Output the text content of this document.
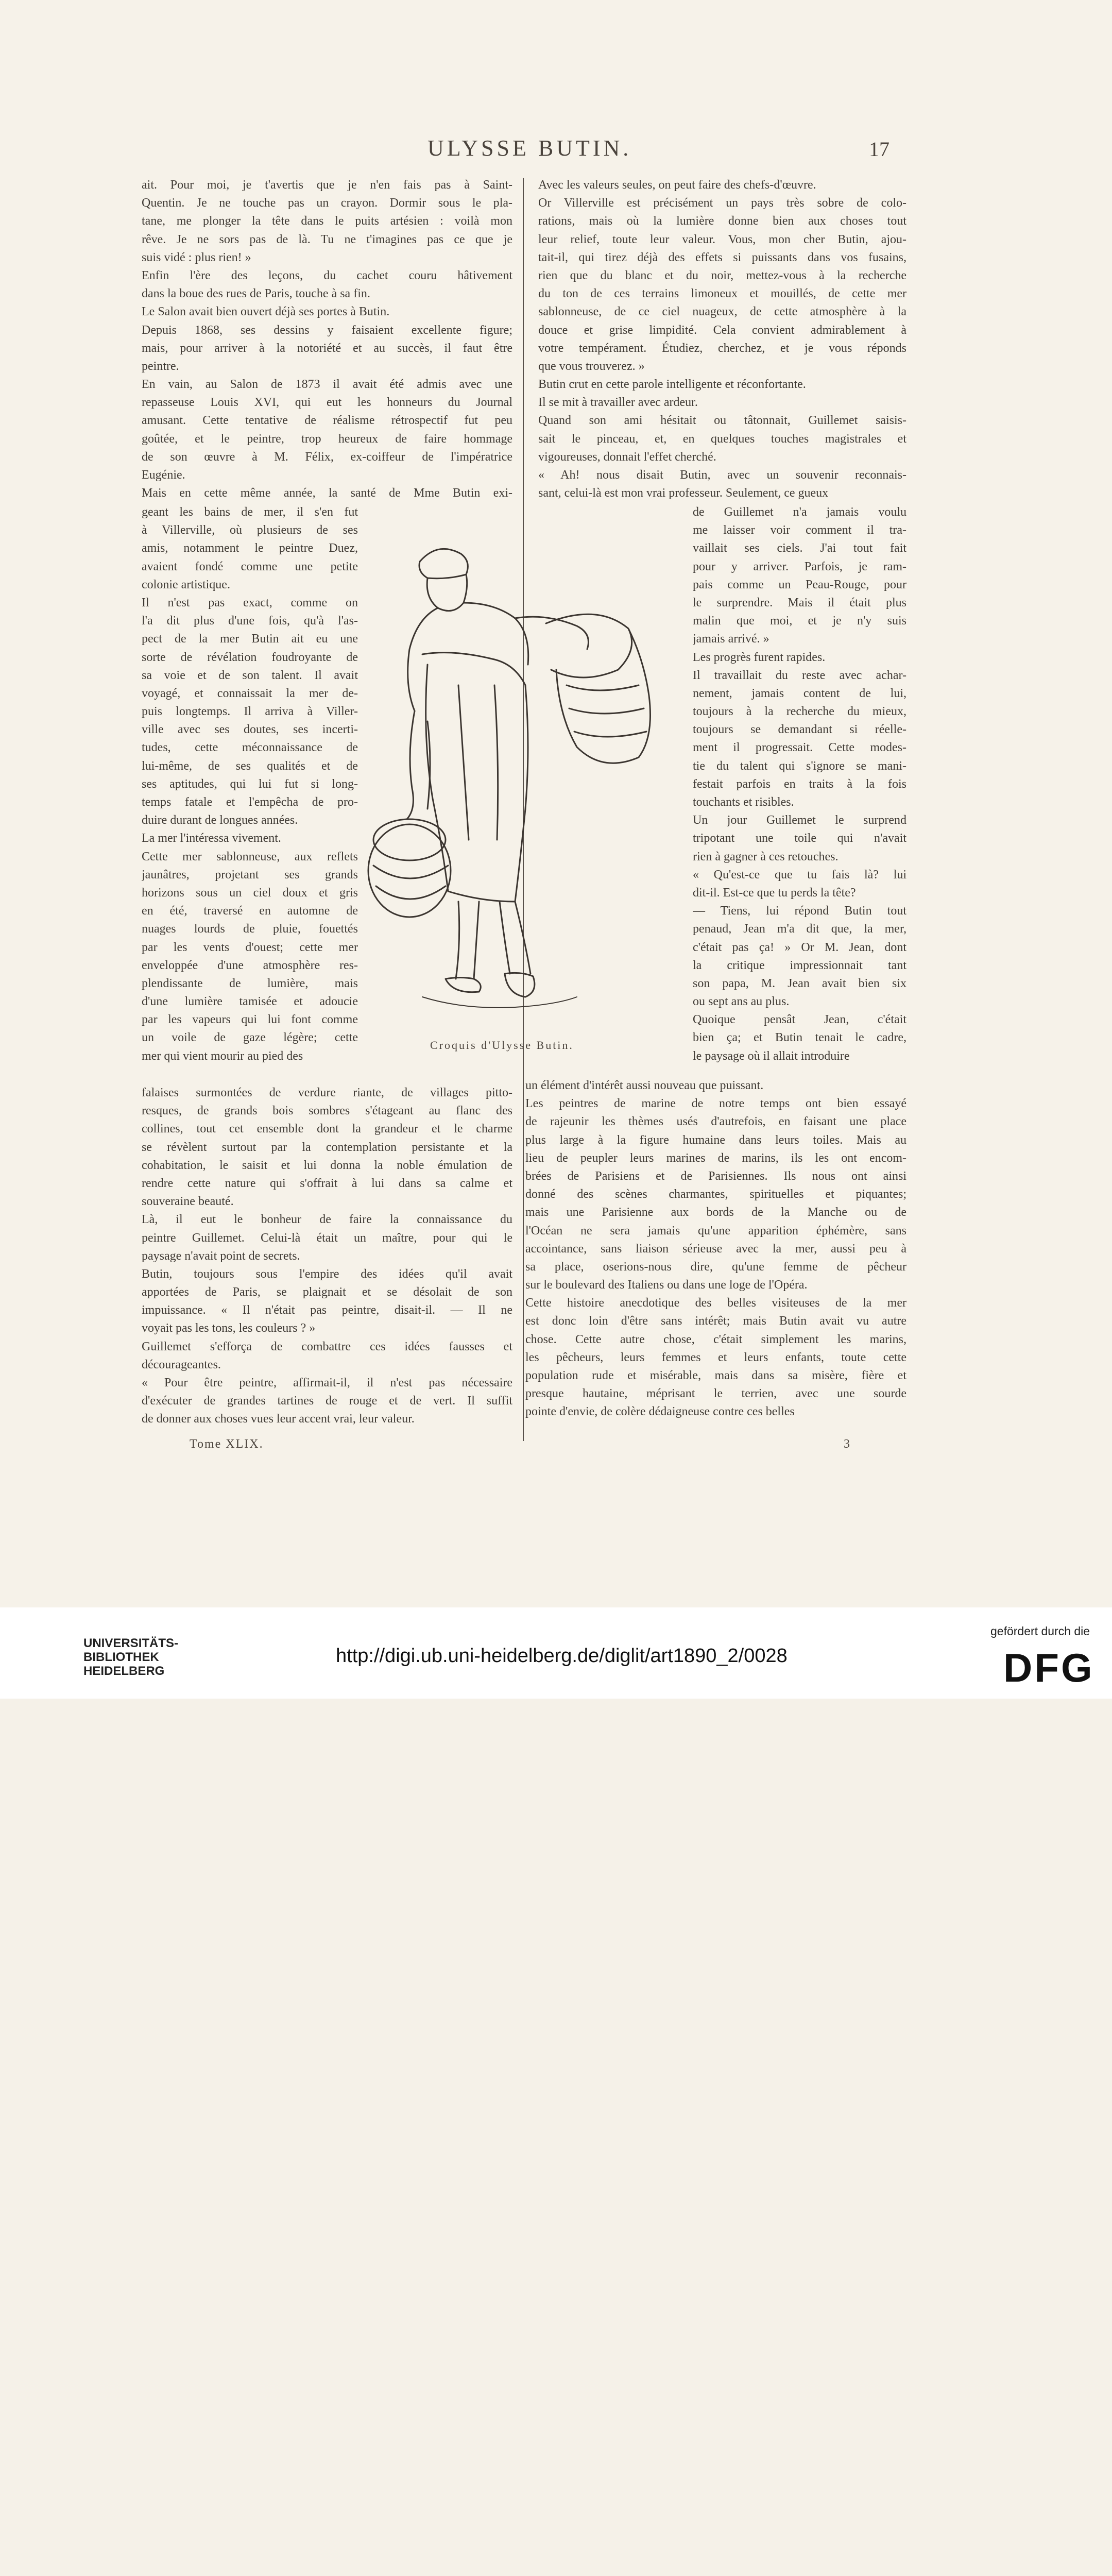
ULYSSE BUTIN.	17
ait. Pour moi, je t'avertis que je n'en fais pas à Saint-
Quentin. Je ne touche pas un crayon. Dormir sous le pla-
tane, me plonger la tête dans le puits artésien : voilà mon
rêve. Je ne sors pas de là. Tu ne t'imagines pas ce que je
suis vidé : plus rien! »
Enfin l'ère des leçons, du cachet couru hâtivement
dans la boue des rues de Paris, touche à sa fin.
Le Salon avait bien ouvert déjà ses portes à Butin.
Depuis 1868, ses dessins y faisaient excellente figure;
mais, pour arriver à la notoriété et au succès, il faut être
peintre.
En vain, au Salon de 1873 il avait été admis avec une
repasseuse Louis XVI, qui eut les honneurs du Journal
amusant. Cette tentative de réalisme rétrospectif fut peu
goûtée, et le peintre, trop heureux de faire hommage
de son œuvre à M. Félix, ex-coiffeur de l'impératrice
Eugénie.
Mais en cette même année, la santé de Mme Butin exi-
geant les bains de mer, il s'en fut
à Villerville, où plusieurs de ses
amis, notamment le peintre Duez,
avaient fondé comme une petite
colonie artistique.
Il n'est pas exact, comme on
l'a dit plus d'une fois, qu'à l'as-
pect de la mer Butin ait eu une
sorte de révélation foudroyante de
sa voie et de son talent. Il avait
voyagé, et connaissait la mer de-
puis longtemps. Il arriva à Viller-
ville avec ses doutes, ses incerti-
tudes, cette méconnaissance de
lui-même, de ses qualités et de
ses aptitudes, qui lui fut si long-
temps fatale et l'empêcha de pro-
duire durant de longues années.
La mer l'intéressa vivement.
Cette mer sablonneuse, aux reflets
jaunâtres, projetant ses grands
horizons sous un ciel doux et gris
en été, traversé en automne de
nuages lourds de pluie, fouettés
par les vents d'ouest; cette mer
enveloppée d'une atmosphère res-
plendissante de lumière, mais
d'une lumière tamisée et adoucie
par les vapeurs qui lui font comme
un voile de gaze légère; cette
mer qui vient mourir au pied des
falaises surmontées de verdure riante, de villages pitto-
resques, de grands bois sombres s'étageant au flanc des
collines, tout cet ensemble dont la grandeur et le charme
se révèlent surtout par la contemplation persistante et la
cohabitation, le saisit et lui donna la noble émulation de
rendre cette nature qui s'offrait à lui dans sa calme et
souveraine beauté.
Là, il eut le bonheur de faire la connaissance du
peintre Guillemet. Celui-là était un maître, pour qui le
paysage n'avait point de secrets.
Butin, toujours sous l'empire des idées qu'il avait
apportées de Paris, se plaignait et se désolait de son
impuissance. « Il n'était pas peintre, disait-il. — Il ne
voyait pas les tons, les couleurs ? »
Guillemet s'efforça de combattre ces idées fausses et
décourageantes.
« Pour être peintre, affirmait-il, il n'est pas nécessaire
d'exécuter de grandes tartines de rouge et de vert. Il suffit
de donner aux choses vues leur accent vrai, leur valeur.
Avec les valeurs seules, on peut faire des chefs-d'œuvre.
Or Villerville est précisément un pays très sobre de colo-
rations, mais où la lumière donne bien aux choses tout
leur relief, toute leur valeur. Vous, mon cher Butin, ajou-
tait-il, qui tirez déjà des effets si puissants dans vos fusains,
rien que du blanc et du noir, mettez-vous à la recherche
du ton de ces terrains limoneux et mouillés, de cette mer
sablonneuse, de ce ciel nuageux, de cette atmosphère à la
douce et grise limpidité. Cela convient admirablement à
votre tempérament. Étudiez, cherchez, et je vous réponds
que vous trouverez. »
Butin crut en cette parole intelligente et réconfortante.
Il se mit à travailler avec ardeur.
Quand son ami hésitait ou tâtonnait, Guillemet saisis-
sait le pinceau, et, en quelques touches magistrales et
vigoureuses, donnait l'effet cherché.
« Ah! nous disait Butin, avec un souvenir reconnais-
sant, celui-là est mon vrai professeur. Seulement, ce gueux
de Guillemet n'a jamais voulu
me laisser voir comment il tra-
vaillait ses ciels. J'ai tout fait
pour y arriver. Parfois, je ram-
pais comme un Peau-Rouge, pour
le surprendre. Mais il était plus
malin que moi, et je n'y suis
jamais arrivé. »
Les progrès furent rapides.
Il travaillait du reste avec achar-
nement, jamais content de lui,
toujours à la recherche du mieux,
toujours se demandant si réelle-
ment il progressait. Cette modes-
tie du talent qui s'ignore se mani-
festait parfois en traits à la fois
touchants et risibles.
Un jour Guillemet le surprend
tripotant une toile qui n'avait
rien à gagner à ces retouches.
« Qu'est-ce que tu fais là? lui
dit-il. Est-ce que tu perds la tête?
— Tiens, lui répond Butin tout
penaud, Jean m'a dit que, la mer,
c'était pas ça! » Or M. Jean, dont
la critique impressionnait tant
son papa, M. Jean avait bien six
ou sept ans au plus.
Quoique pensât Jean, c'était
bien ça; et Butin tenait le cadre,
le paysage où il allait introduire
un élément d'intérêt aussi nouveau que puissant.
Les peintres de marine de notre temps ont bien essayé
de rajeunir les thèmes usés d'autrefois, en faisant une place
plus large à la figure humaine dans leurs toiles. Mais au
lieu de peupler leurs marines de marins, ils les ont encom-
brées de Parisiens et de Parisiennes. Ils nous ont ainsi
donné des scènes charmantes, spirituelles et piquantes;
mais une Parisienne aux bords de la Manche ou de
l'Océan ne sera jamais qu'une apparition éphémère, sans
accointance, sans liaison sérieuse avec la mer, aussi peu à
sa place, oserions-nous dire, qu'une femme de pêcheur
sur le boulevard des Italiens ou dans une loge de l'Opéra.
Cette histoire anecdotique des belles visiteuses de la mer
est donc loin d'être sans intérêt; mais Butin avait vu autre
chose. Cette autre chose, c'était simplement les marins,
les pêcheurs, leurs femmes et leurs enfants, toute cette
population rude et misérable, mais dans sa misère, fière et
presque hautaine, méprisant le terrien, avec une sourde
pointe d'envie, de colère dédaigneuse contre ces belles
Croquis d'Ulysse Butin.
Tome XLIX.	3
UNIVERSITÄTS-
BIBLIOTHEK
HEIDELBERG
http://digi.ub.uni-heidelberg.de/diglit/art1890_2/0028
gefördert durch die
DFG
